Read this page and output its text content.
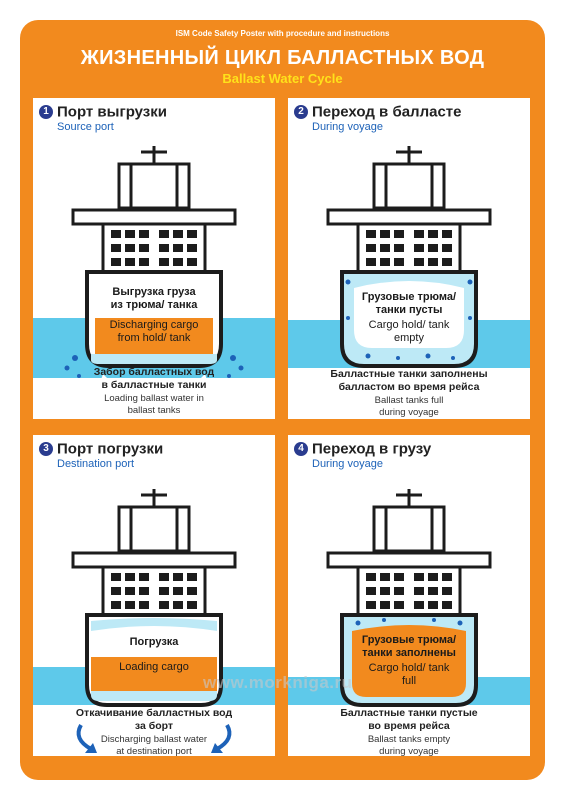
ISM Code Safety Poster with procedure and instructions
ЖИЗНЕННЫЙ ЦИКЛ БАЛЛАСТНЫХ ВОД
Ballast Water Cycle
1 Порт выгрузки
Source port
Выгрузка груза
из трюма/ танка
Discharging cargo
from hold/ tank
Забор балластных вод
в балластные танки
Loading ballast water in
ballast tanks
2 Переход в балласте
During voyage
Грузовые трюма/
танки пусты
Cargo hold/ tank
empty
Балластные танки заполнены
балластом во время рейса
Ballast tanks full
during voyage
3 Порт погрузки
Destination port
Погрузка
Loading cargo
Откачивание балластных вод
за борт
Discharging ballast water
at destination port
4 Переход в грузу
During voyage
Грузовые трюма/
танки заполнены
Cargo hold/ tank
full
Балластные танки пустые
во время рейса
Ballast tanks empty
during voyage
www.morkniga.ru
